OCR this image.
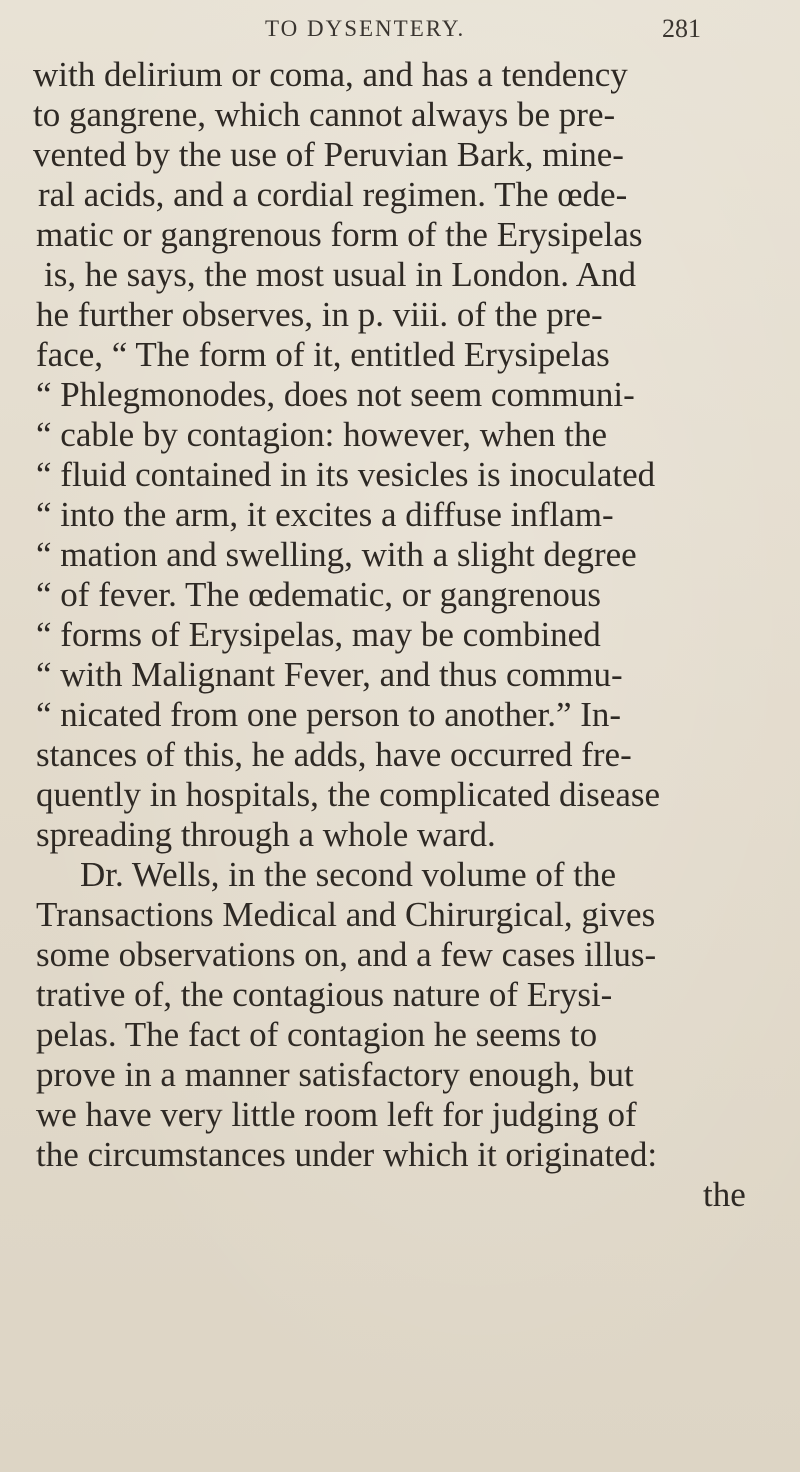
TO DYSENTERY.	281
with delirium or coma, and has a tendency
to gangrene, which cannot always be pre-
vented by the use of Peruvian Bark, mine-
ral acids, and a cordial regimen. The œde-
matic or gangrenous form of the Erysipelas
is, he says, the most usual in London. And
he further observes, in p. viii. of the pre-
face, “ The form of it, entitled Erysipelas
“ Phlegmonodes, does not seem communi-
“ cable by contagion: however, when the
“ fluid contained in its vesicles is inoculated
“ into the arm, it excites a diffuse inflam-
“ mation and swelling, with a slight degree
“ of fever. The œdematic, or gangrenous
“ forms of Erysipelas, may be combined
“ with Malignant Fever, and thus commu-
“ nicated from one person to another.” In-
stances of this, he adds, have occurred fre-
quently in hospitals, the complicated disease
spreading through a whole ward.
Dr. Wells, in the second volume of the
Transactions Medical and Chirurgical, gives
some observations on, and a few cases illus-
trative of, the contagious nature of Erysi-
pelas. The fact of contagion he seems to
prove in a manner satisfactory enough, but
we have very little room left for judging of
the circumstances under which it originated:
the
